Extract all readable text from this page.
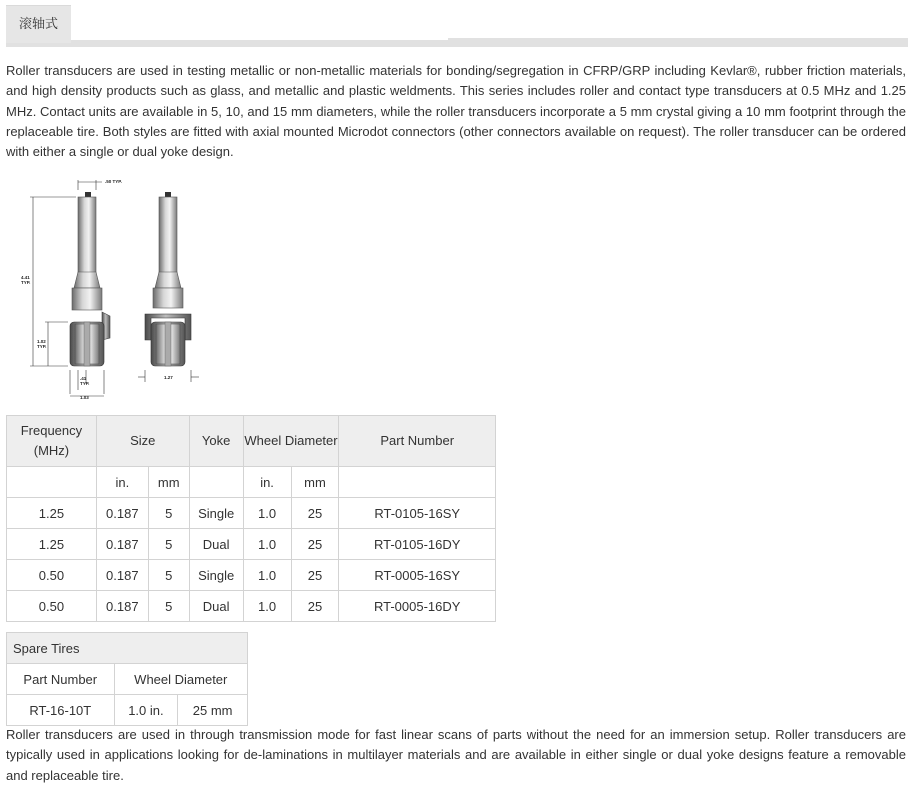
滚轴式

Roller transducers are used in testing metallic or non-metallic materials for bonding/segregation in CFRP/GRP including Kevlar®, rubber friction materials, and high density products such as glass, and metallic and plastic weldments. This series includes roller and contact type transducers at 0.5 MHz and 1.25 MHz. Contact units are available in 5, 10, and 15 mm diameters, while the roller transducers incorporate a 5 mm crystal giving a 10 mm footprint through the replaceable tire. Both styles are fitted with axial mounted Microdot connectors (other connectors available on request). The roller transducer can be ordered with either a single or dual yoke design.

.50 TYP.
4.41
TYP.
1.02
TYP.
.41
TYP.
1.03
1.27
Frequency (MHz)	Size		Yoke	Wheel Diameter		Part Number
	in.	mm		in.	mm	
1.25	0.187	5	Single	1.0	25	RT-0105-16SY
1.25	0.187	5	Dual	1.0	25	RT-0105-16DY
0.50	0.187	5	Single	1.0	25	RT-0005-16SY
0.50	0.187	5	Dual	1.0	25	RT-0005-16DY
Spare Tires		
Part Number	Wheel Diameter	
RT-16-10T	1.0 in.	25 mm

Roller transducers are used in through transmission mode for fast linear scans of parts without the need for an immersion setup. Roller transducers are typically used in applications looking for de-laminations in multilayer materials and are available in either single or dual yoke designs feature a removable and replaceable tire.
